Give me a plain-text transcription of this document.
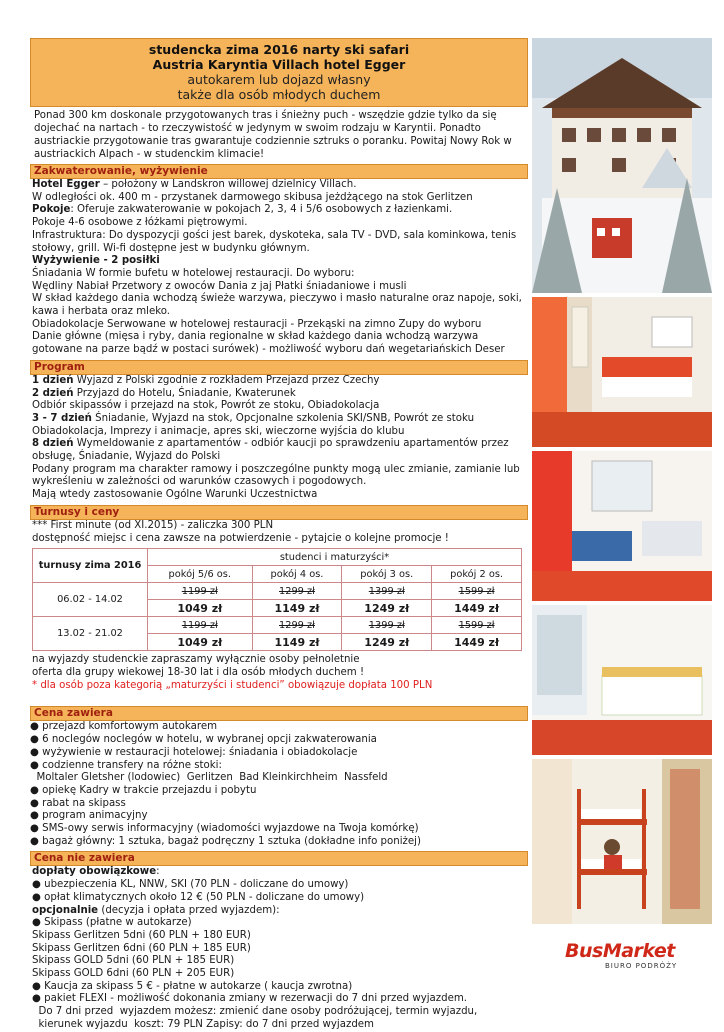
BusMarket
BIURO PODRÓŻY
studencka zima 2016 narty ski safari
Austria Karyntia Villach hotel Egger
autokarem lub dojazd własny
także dla osób młodych duchem
Ponad 300 km doskonale przygotowanych tras i śnieżny puch - wszędzie gdzie tylko da się dojechać na nartach - to rzeczywistość w jedynym w swoim rodzaju w Karyntii. Ponadto austriackie przygotowanie tras gwarantuje codziennie sztruks o poranku. Powitaj Nowy Rok w austriackich Alpach - w studenckim klimacie!
Zakwaterowanie, wyżywienie
Hotel Egger – położony w Landskron willowej dzielnicy Villach.
W odległości ok. 400 m - przystanek darmowego skibusa jeżdżącego na stok Gerlitzen
Pokoje: Oferuje zakwaterowanie w pokojach 2, 3, 4 i 5/6 osobowych z łazienkami.
Pokoje 4-6 osobowe z łóżkami piętrowymi.
Infrastruktura: Do dyspozycji gości jest barek, dyskoteka, sala TV - DVD, sala kominkowa, tenis stołowy, grill. Wi-fi dostępne jest w budynku głównym.
Wyżywienie - 2 posiłki
Śniadania W formie bufetu w hotelowej restauracji. Do wyboru:
Wędliny Nabiał Przetwory z owoców Dania z jaj Płatki śniadaniowe i musli
W skład każdego dania wchodzą świeże warzywa, pieczywo i masło naturalne oraz napoje, soki, kawa i herbata oraz mleko.
Obiadokolacje Serwowane w hotelowej restauracji - Przekąski na zimno Zupy do wyboru
Danie główne (mięsa i ryby, dania regionalne w skład każdego dania wchodzą warzywa gotowane na parze bądź w postaci surówek) - możliwość wyboru dań wegetariańskich Deser
Program
1 dzień Wyjazd z Polski zgodnie z rozkładem Przejazd przez Czechy
2 dzień Przyjazd do Hotelu, Śniadanie, Kwaterunek
Odbiór skipassów i przejazd na stok, Powrót ze stoku, Obiadokolacja
3 - 7 dzień Śniadanie, Wyjazd na stok, Opcjonalne szkolenia SKI/SNB, Powrót ze stoku
Obiadokolacja, Imprezy i animacje, apres ski, wieczorne wyjścia do klubu
8 dzień Wymeldowanie z apartamentów - odbiór kaucji po sprawdzeniu apartamentów przez obsługę, Śniadanie, Wyjazd do Polski
Podany program ma charakter ramowy i poszczególne punkty mogą ulec zmianie, zamianie lub wykreśleniu w zależności od warunków czasowych i pogodowych.
Mają wtedy zastosowanie Ogólne Warunki Uczestnictwa
Turnusy i ceny
*** First minute (od XI.2015) - zaliczka 300 PLN
dostępność miejsc i cena zawsze na potwierdzenie - pytajcie o kolejne promocje !
turnusy zima 2016	studenci i maturzyści*			
	pokój 5/6 os.	pokój 4 os.	pokój 3 os.	pokój 2 os.
06.02 - 14.02	1199 zł	1299 zł	1399 zł	1599 zł
	1049 zł	1149 zł	1249 zł	1449 zł
13.02 - 21.02	1199 zł	1299 zł	1399 zł	1599 zł
	1049 zł	1149 zł	1249 zł	1449 zł
na wyjazdy studenckie zapraszamy wyłącznie osoby pełnoletnie
oferta dla grupy wiekowej 18-30 lat i dla osób młodych duchem !
* dla osób poza kategorią „maturzyści i studenci” obowiązuje dopłata 100 PLN
Cena zawiera
● przejazd komfortowym autokarem
● 6 noclegów noclegów w hotelu, w wybranej opcji zakwaterowania
● wyżywienie w restauracji hotelowej: śniadania i obiadokolacje
● codzienne transfery na różne stoki:
Moltaler Gletsher (lodowiec)  Gerlitzen  Bad Kleinkirchheim  Nassfeld
● opiekę Kadry w trakcie przejazdu i pobytu
● rabat na skipass
● program animacyjny
● SMS-owy serwis informacyjny (wiadomości wyjazdowe na Twoja komórkę)
● bagaż główny: 1 sztuka, bagaż podręczny 1 sztuka (dokładne info poniżej)
Cena nie zawiera
dopłaty obowiązkowe:
● ubezpieczenia KL, NNW, SKI (70 PLN - doliczane do umowy)
● opłat klimatycznych około 12 € (50 PLN - doliczane do umowy)
opcjonalnie (decyzja i opłata przed wyjazdem):
● Skipass (płatne w autokarze)
Skipass Gerlitzen 5dni (60 PLN + 180 EUR)
Skipass Gerlitzen 6dni (60 PLN + 185 EUR)
Skipass GOLD 5dni (60 PLN + 185 EUR)
Skipass GOLD 6dni (60 PLN + 205 EUR)
● Kaucja za skipass 5 € - płatne w autokarze ( kaucja zwrotna)
● pakiet FLEXI - możliwość dokonania zmiany w rezerwacji do 7 dni przed wyjazdem.
Do 7 dni przed  wyjazdem możesz: zmienić dane osoby podróżującej, termin wyjazdu,
kierunek wyjazdu  koszt: 79 PLN Zapisy: do 7 dni przed wyjazdem
